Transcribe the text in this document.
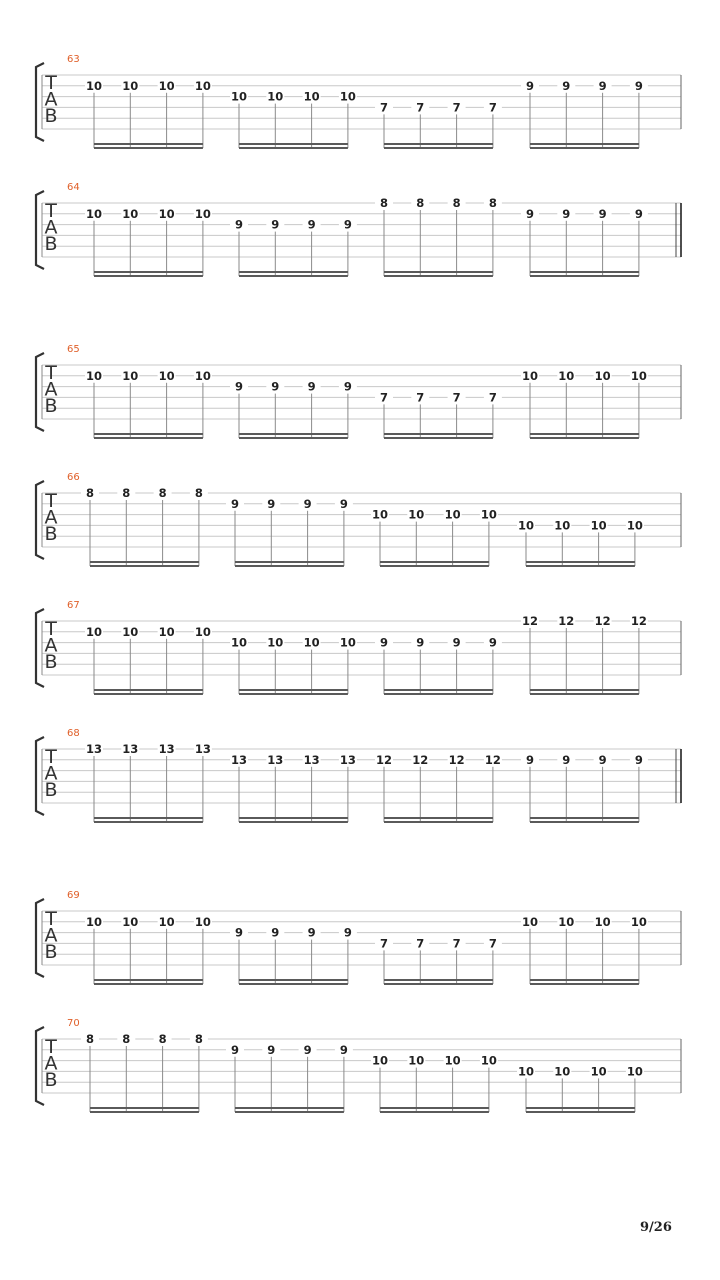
T
A
B
63
10 10 10 10
10 10 10 10
7 7 7 7
9 9 9 9
T
A
B
64
10 10 10 10
9 9 9 9
8 8 8 8
9 9 9 9
T
A
B
65
10 10 10 10
9 9 9 9
7 7 7 7
10 10 10 10
T
A
B
66
8 8 8 8
9 9 9 9
10 10 10 10
10 10 10 10
T
A
B
67
10 10 10 10
10 10 10 10 9 9 9 9
12 12 12 12
T
A
B
68
13 13 13 13
13 13 13 13 12 12 12 12 9 9 9 9
T
A
B
69
10 10 10 10
9 9 9 9
7 7 7 7
10 10 10 10
T
A
B
70
8 8 8 8
9 9 9 9
10 10 10 10
10 10 10 10
9/26
